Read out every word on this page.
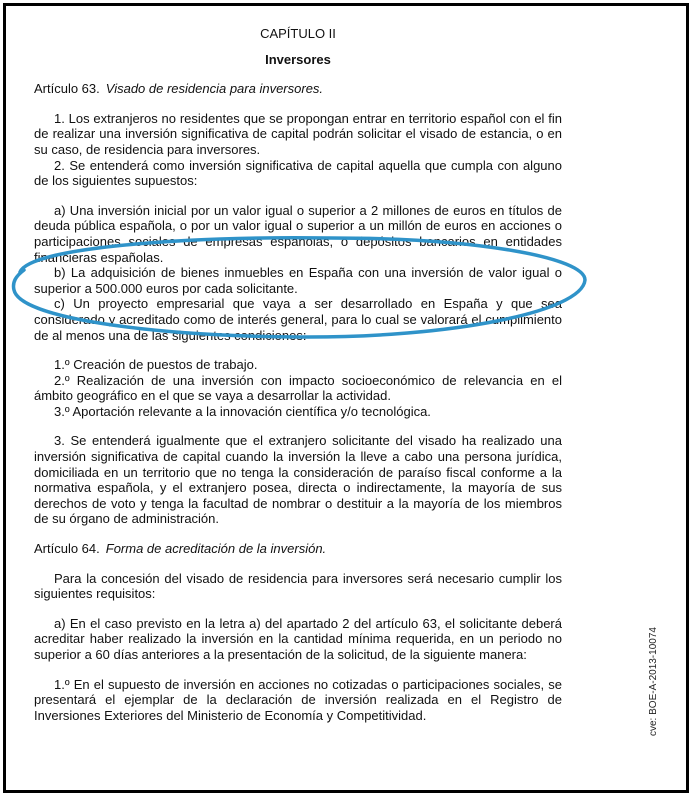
CAPÍTULO II
Inversores
Artículo 63. Visado de residencia para inversores.

1. Los extranjeros no residentes que se propongan entrar en territorio español con el fin de realizar una inversión significativa de capital podrán solicitar el visado de estancia, o en su caso, de residencia para inversores.

2. Se entenderá como inversión significativa de capital aquella que cumpla con alguno de los siguientes supuestos:

a) Una inversión inicial por un valor igual o superior a 2 millones de euros en títulos de deuda pública española, o por un valor igual o superior a un millón de euros en acciones o participaciones sociales de empresas españolas, o depósitos bancarios en entidades financieras españolas.

b) La adquisición de bienes inmuebles en España con una inversión de valor igual o superior a 500.000 euros por cada solicitante.

c) Un proyecto empresarial que vaya a ser desarrollado en España y que sea considerado y acreditado como de interés general, para lo cual se valorará el cumplimiento de al menos una de las siguientes condiciones:

1.º Creación de puestos de trabajo.

2.º Realización de una inversión con impacto socioeconómico de relevancia en el ámbito geográfico en el que se vaya a desarrollar la actividad.

3.º Aportación relevante a la innovación científica y/o tecnológica.

3. Se entenderá igualmente que el extranjero solicitante del visado ha realizado una inversión significativa de capital cuando la inversión la lleve a cabo una persona jurídica, domiciliada en un territorio que no tenga la consideración de paraíso fiscal conforme a la normativa española, y el extranjero posea, directa o indirectamente, la mayoría de sus derechos de voto y tenga la facultad de nombrar o destituir a la mayoría de los miembros de su órgano de administración.

Artículo 64. Forma de acreditación de la inversión.

Para la concesión del visado de residencia para inversores será necesario cumplir los siguientes requisitos:

a) En el caso previsto en la letra a) del apartado 2 del artículo 63, el solicitante deberá acreditar haber realizado la inversión en la cantidad mínima requerida, en un periodo no superior a 60 días anteriores a la presentación de la solicitud, de la siguiente manera:

1.º En el supuesto de inversión en acciones no cotizadas o participaciones sociales, se presentará el ejemplar de la declaración de inversión realizada en el Registro de Inversiones Exteriores del Ministerio de Economía y Competitividad.	cve: BOE-A-2013-10074
